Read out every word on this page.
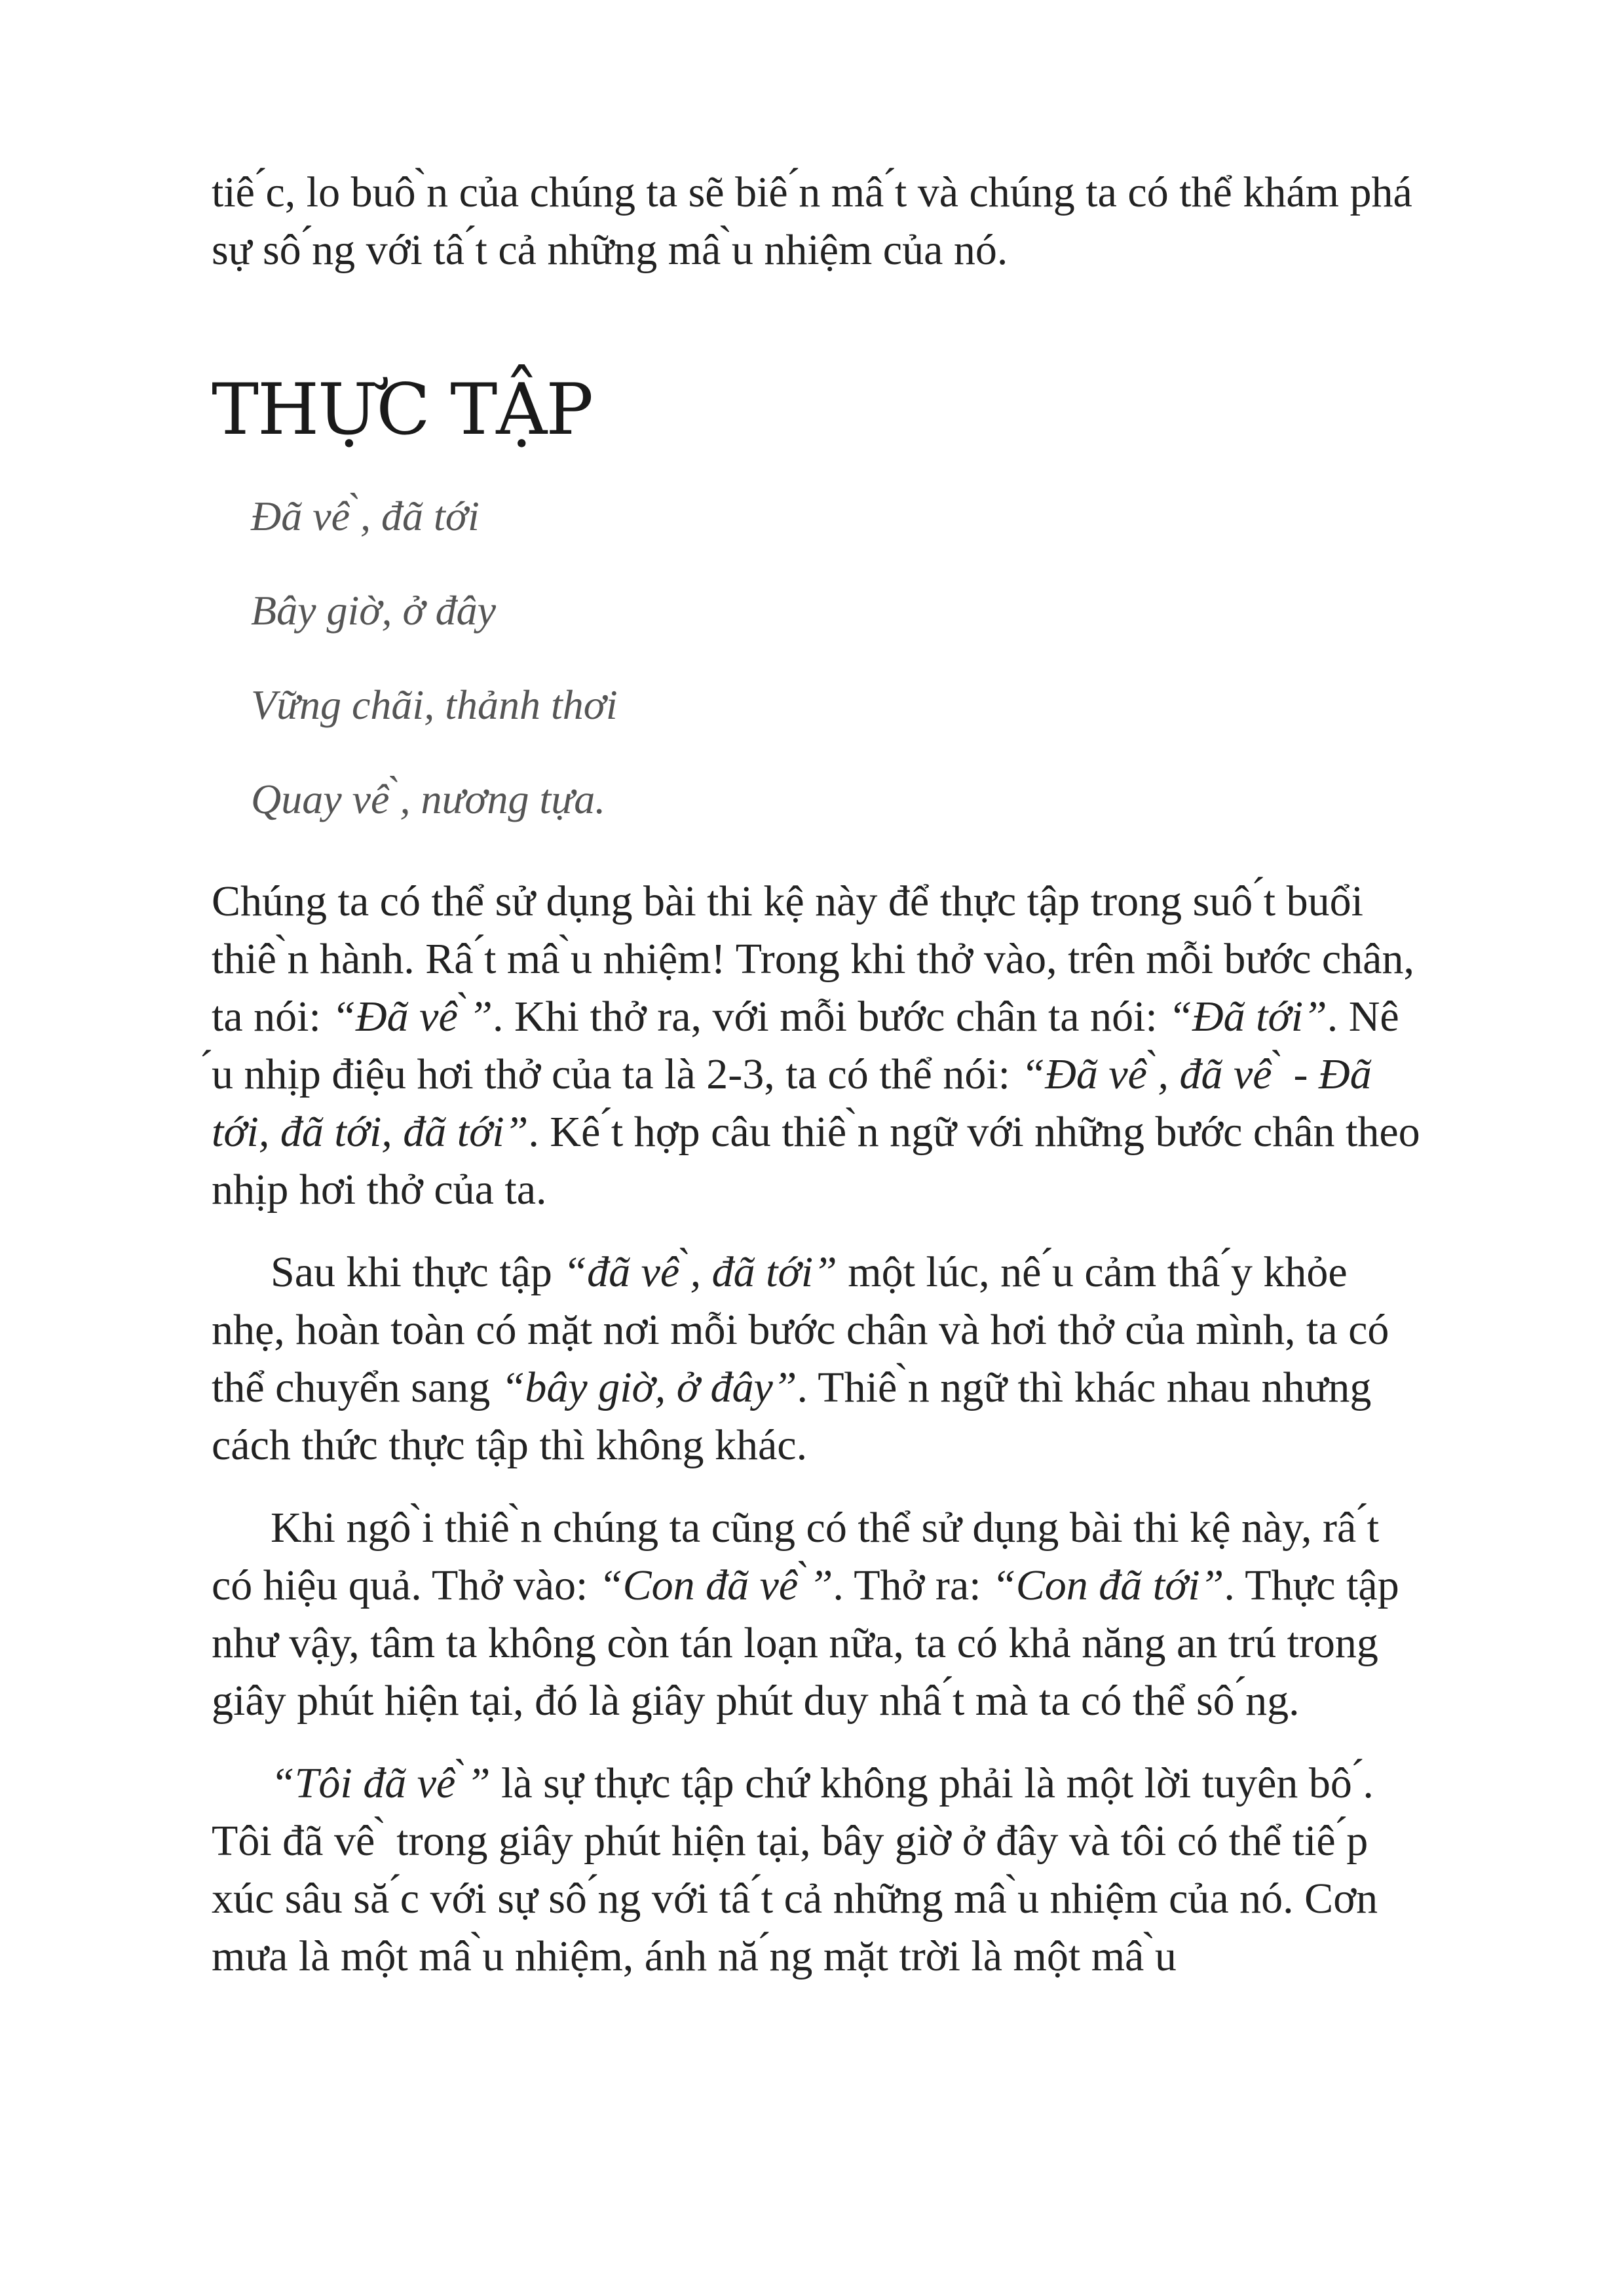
tiê ́c, lo buô ̀n của chúng ta sẽ biê ́n mâ ́t và chúng ta có thể khám phá sự sô ́ng với tâ ́t cả những mâ ̀u nhiệm của nó.

THỰC TẬP
Đã vê ̀, đã tới
Bây giờ, ở đây
Vững chãi, thảnh thơi
Quay vê ̀, nương tựa.

Chúng ta có thể sử dụng bài thi kệ này để thực tập trong suô ́t buổi thiê ̀n hành. Râ ́t mâ ̀u nhiệm! Trong khi thở vào, trên mỗi bước chân, ta nói: “Đã vê ̀”. Khi thở ra, với mỗi bước chân ta nói: “Đã tới”. Nê ́u nhịp điệu hơi thở của ta là 2-3, ta có thể nói: “Đã vê ̀, đã vê ̀ - Đã tới, đã tới, đã tới”. Kê ́t hợp câu thiê ̀n ngữ với những bước chân theo nhịp hơi thở của ta.

Sau khi thực tập “đã vê ̀, đã tới” một lúc, nê ́u cảm thâ ́y khỏe nhẹ, hoàn toàn có mặt nơi mỗi bước chân và hơi thở của mình, ta có thể chuyển sang “bây giờ, ở đây”. Thiê ̀n ngữ thì khác nhau nhưng cách thức thực tập thì không khác.

Khi ngô ̀i thiê ̀n chúng ta cũng có thể sử dụng bài thi kệ này, râ ́t có hiệu quả. Thở vào: “Con đã vê ̀”. Thở ra: “Con đã tới”. Thực tập như vậy, tâm ta không còn tán loạn nữa, ta có khả năng an trú trong giây phút hiện tại, đó là giây phút duy nhâ ́t mà ta có thể sô ́ng.

“Tôi đã vê ̀” là sự thực tập chứ không phải là một lời tuyên bô ́. Tôi đã vê ̀ trong giây phút hiện tại, bây giờ ở đây và tôi có thể tiê ́p xúc sâu să ́c với sự sô ́ng với tâ ́t cả những mâ ̀u nhiệm của nó. Cơn mưa là một mâ ̀u nhiệm, ánh nă ́ng mặt trời là một mâ ̀u
